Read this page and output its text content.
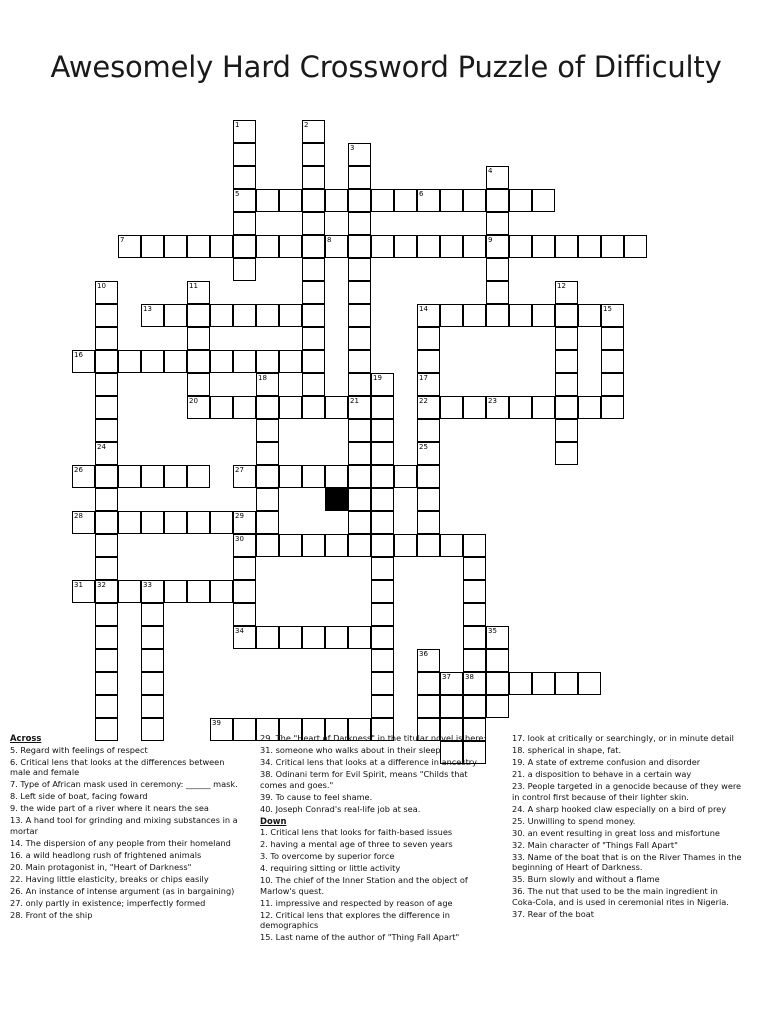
Awesomely Hard Crossword Puzzle of Difficulty
1	2
3
4
5	6
7	8	9
10	11	12
13	14	15
16
18	19	17
20	21	22	23
24	25
26	27
28	29
30
31 32	33
34	35
36
37 38
39
Across
5. Regard with feelings of respect
6. Critical lens that looks at the differences between male and female
7. Type of African mask used in ceremony: ______ mask.
8. Left side of boat, facing foward
9. the wide part of a river where it nears the sea
13. A hand tool for grinding and mixing substances in a mortar
14. The dispersion of any people from their homeland
16. a wild headlong rush of frightened animals
20. Main protagonist in, "Heart of Darkness"
22. Having little elasticity, breaks or chips easily
26. An instance of intense argument (as in bargaining)
27. only partly in existence; imperfectly formed
28. Front of the ship
29. The "Heart of Darkness" in the titular novel is here:
31. someone who walks about in their sleep
34. Critical lens that looks at a difference in ancestry
38. Odinani term for Evil Spirit, means "Childs that comes and goes."
39. To cause to feel shame.
40. Joseph Conrad's real-life job at sea.
Down
1. Critical lens that looks for faith-based issues
2. having a mental age of three to seven years
3. To overcome by superior force
4. requiring sitting or little activity
10. The chief of the Inner Station and the object of Marlow's quest.
11. impressive and respected by reason of age
12. Critical lens that explores the difference in demographics
15. Last name of the author of "Thing Fall Apart"
17. look at critically or searchingly, or in minute detail
18. spherical in shape, fat.
19. A state of extreme confusion and disorder
21. a disposition to behave in a certain way
23. People targeted in a genocide because of they were in control first because of their lighter skin.
24. A sharp hooked claw especially on a bird of prey
25. Unwilling to spend money.
30. an event resulting in great loss and misfortune
32. Main character of "Things Fall Apart"
33. Name of the boat that is on the River Thames in the beginning of Heart of Darkness.
35. Burn slowly and without a flame
36. The nut that used to be the main ingredient in Coka-Cola, and is used in ceremonial rites in Nigeria.
37. Rear of the boat
